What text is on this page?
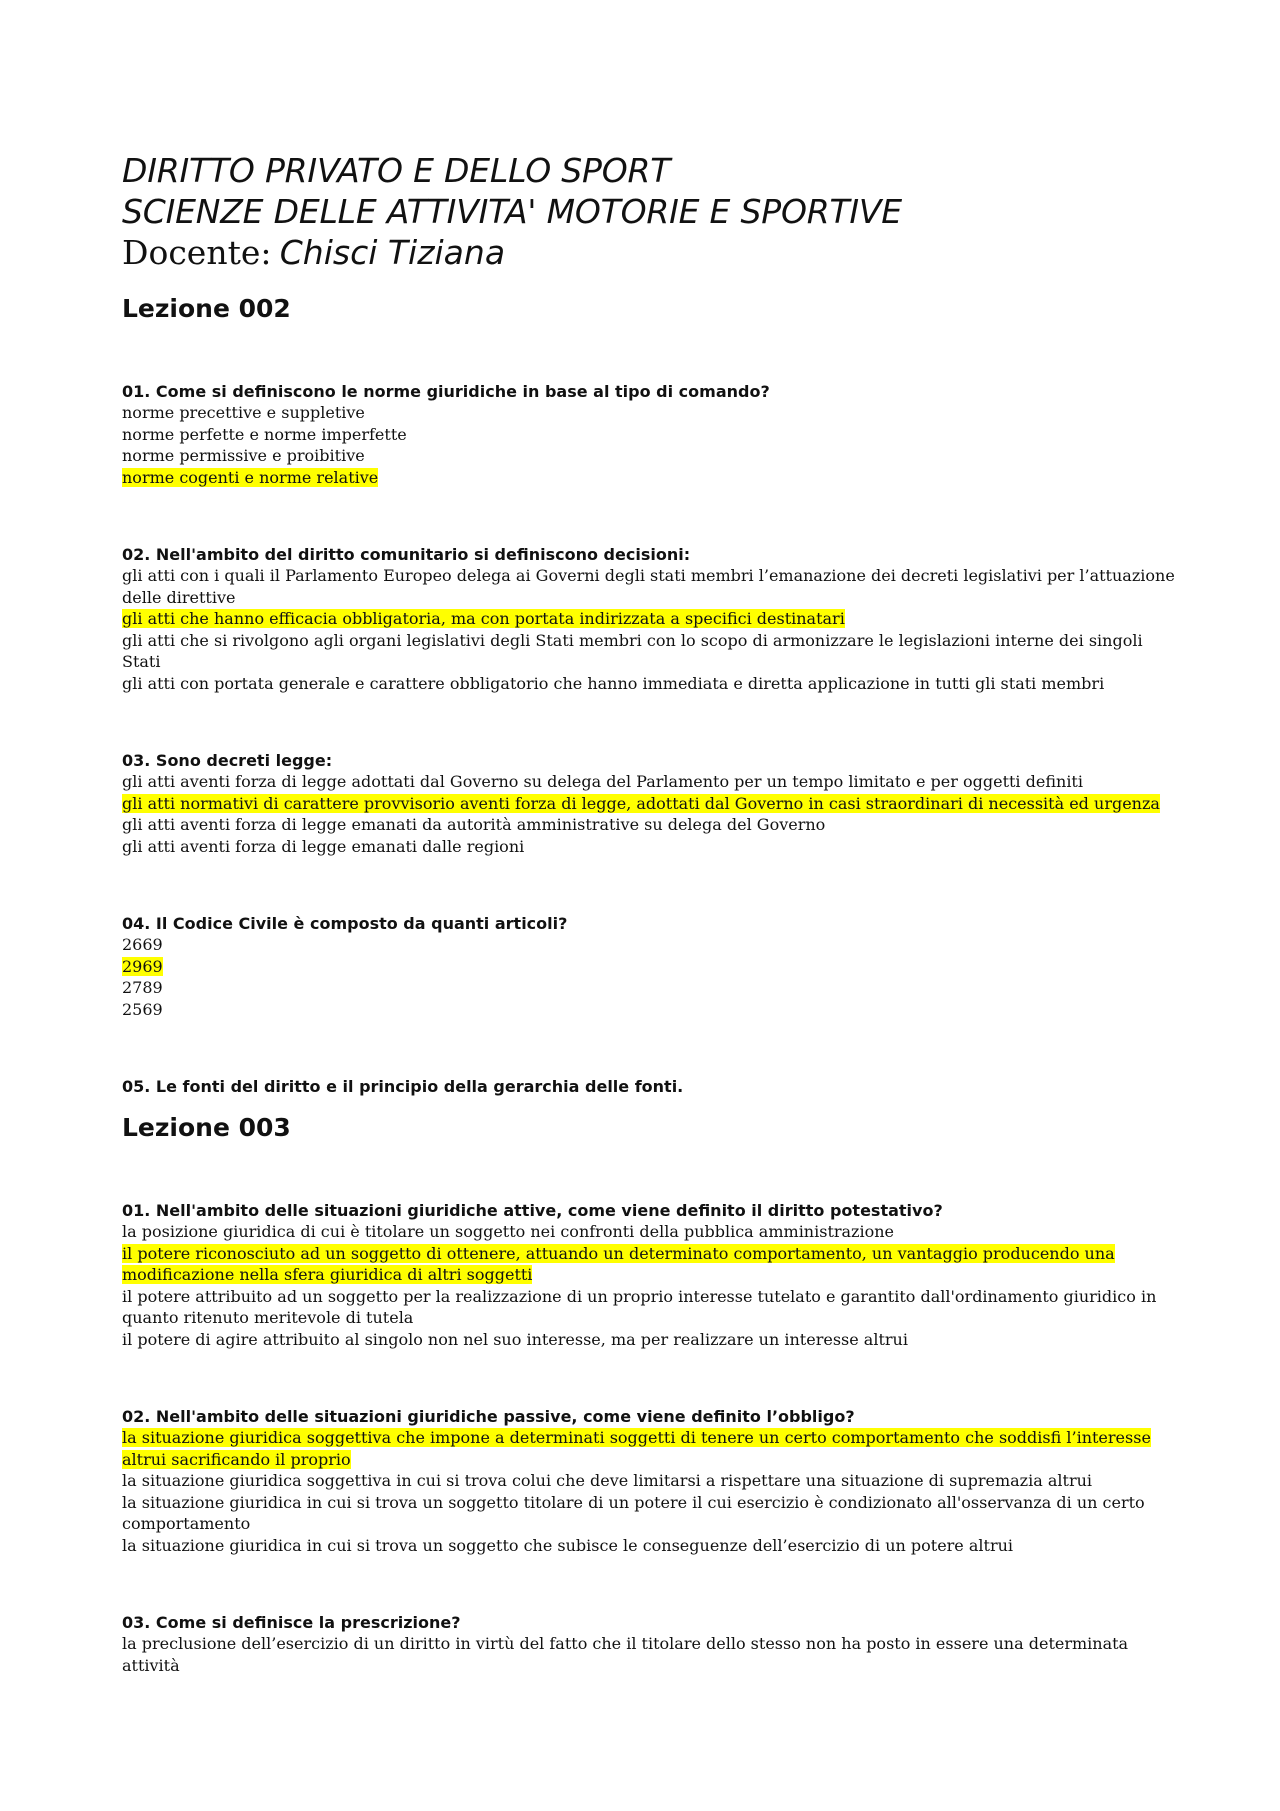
DIRITTO PRIVATO E DELLO SPORT

SCIENZE DELLE ATTIVITA' MOTORIE E SPORTIVE

Docente: Chisci Tiziana

Lezione 002

01. Come si definiscono le norme giuridiche in base al tipo di comando?

norme precettive e suppletive

norme perfette e norme imperfette

norme permissive e proibitive

norme cogenti e norme relative

02. Nell'ambito del diritto comunitario si definiscono decisioni:

gli atti con i quali il Parlamento Europeo delega ai Governi degli stati membri l’emanazione dei decreti legislativi per l’attuazione delle direttive

gli atti che hanno efficacia obbligatoria, ma con portata indirizzata a specifici destinatari

gli atti che si rivolgono agli organi legislativi degli Stati membri con lo scopo di armonizzare le legislazioni interne dei singoli Stati

gli atti con portata generale e carattere obbligatorio che hanno immediata e diretta applicazione in tutti gli stati membri

03. Sono decreti legge:

gli atti aventi forza di legge adottati dal Governo su delega del Parlamento per un tempo limitato e per oggetti definiti

gli atti normativi di carattere provvisorio aventi forza di legge, adottati dal Governo in casi straordinari di necessità ed urgenza

gli atti aventi forza di legge emanati da autorità amministrative su delega del Governo

gli atti aventi forza di legge emanati dalle regioni

04. Il Codice Civile è composto da quanti articoli?

2669

2969

2789

2569

05. Le fonti del diritto e il principio della gerarchia delle fonti.

Lezione 003

01. Nell'ambito delle situazioni giuridiche attive, come viene definito il diritto potestativo?

la posizione giuridica di cui è titolare un soggetto nei confronti della pubblica amministrazione

il potere riconosciuto ad un soggetto di ottenere, attuando un determinato comportamento, un vantaggio producendo una modificazione nella sfera giuridica di altri soggetti

il potere attribuito ad un soggetto per la realizzazione di un proprio interesse tutelato e garantito dall'ordinamento giuridico in quanto ritenuto meritevole di tutela

il potere di agire attribuito al singolo non nel suo interesse, ma per realizzare un interesse altrui

02. Nell'ambito delle situazioni giuridiche passive, come viene definito l’obbligo?

la situazione giuridica soggettiva che impone a determinati soggetti di tenere un certo comportamento che soddisfi l’interesse altrui sacrificando il proprio

la situazione giuridica soggettiva in cui si trova colui che deve limitarsi a rispettare una situazione di supremazia altrui

la situazione giuridica in cui si trova un soggetto titolare di un potere il cui esercizio è condizionato all'osservanza di un certo comportamento

la situazione giuridica in cui si trova un soggetto che subisce le conseguenze dell’esercizio di un potere altrui

03. Come si definisce la prescrizione?

la preclusione dell’esercizio di un diritto in virtù del fatto che il titolare dello stesso non ha posto in essere una determinata attività
